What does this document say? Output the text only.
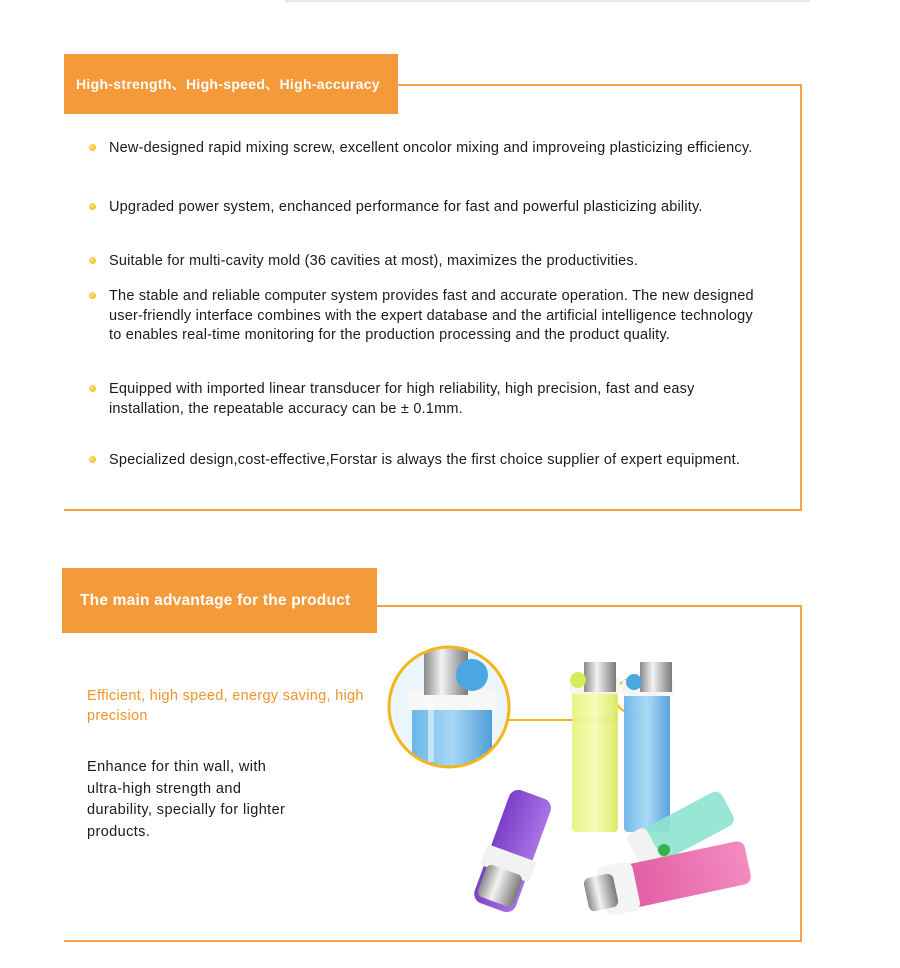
High-strength、High-speed、High-accuracy
New-designed rapid mixing screw, excellent oncolor mixing and improveing plasticizing efficiency.
Upgraded power system, enchanced performance for fast and powerful plasticizing ability.
Suitable for multi-cavity mold (36 cavities at most), maximizes the productivities.
The stable and reliable computer system provides fast and accurate operation. The new designed user-friendly interface combines with the expert database and the artificial intelligence technology to enables real-time monitoring for the production processing and the product quality.
Equipped with imported linear transducer for high reliability, high precision, fast and easy installation, the repeatable accuracy can be ± 0.1mm.
Specialized design,cost-effective,Forstar is always the first choice supplier of expert equipment.
The main advantage for the product
Efficient, high speed, energy saving, high precision
Enhance for thin wall, with ultra-high strength and durability, specially for lighter products.
